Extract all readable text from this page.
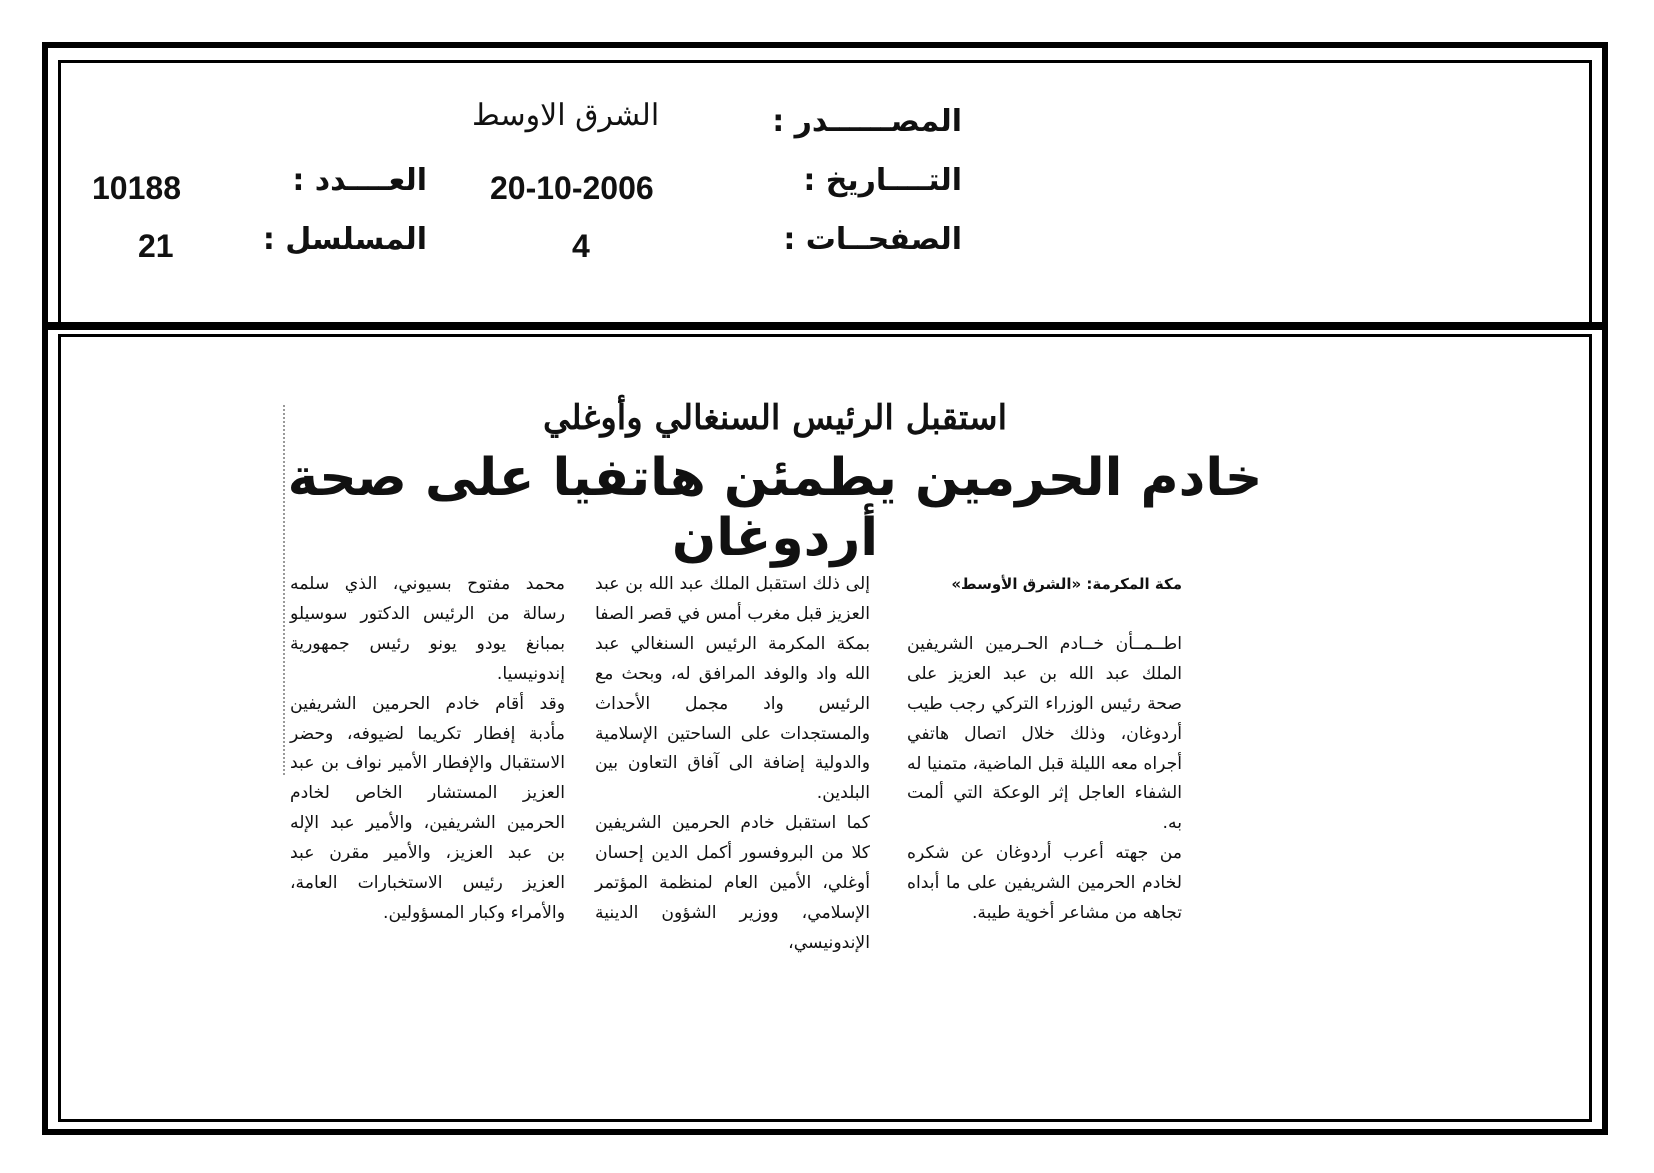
المصــــــدر :
الشرق الاوسط
التــــاريخ :
20-10-2006
العــــدد :
10188
الصفحــات :
4
المسلسل :
21
استقبل الرئيس السنغالي وأوغلي
خادم الحرمين يطمئن هاتفيا على صحة أردوغان

مكة المكرمة: «الشرق الأوسط»

اطــمــأن خــادم الحـرمين الشريفين الملك عبد الله بن عبد العزيز على صحة رئيس الوزراء التركي رجب طيب أردوغان، وذلك خلال اتصال هاتفي أجراه معه الليلة قبل الماضية، متمنيا له الشفاء العاجل إثر الوعكة التي ألمت به.

من جهته أعرب أردوغان عن شكره لخادم الحرمين الشريفين على ما أبداه تجاهه من مشاعر أخوية طيبة.

إلى ذلك استقبل الملك عبد الله بن عبد العزيز قبل مغرب أمس في قصر الصفا بمكة المكرمة الرئيس السنغالي عبد الله واد والوفد المرافق له، وبحث مع الرئيس واد مجمل الأحداث والمستجدات على الساحتين الإسلامية والدولية إضافة الى آفاق التعاون بين البلدين.

كما استقبل خادم الحرمين الشريفين كلا من البروفسور أكمل الدين إحسان أوغلي، الأمين العام لمنظمة المؤتمر الإسلامي، ووزير الشؤون الدينية الإندونيسي،

محمد مفتوح بسيوني، الذي سلمه رسالة من الرئيس الدكتور سوسيلو بمبانغ يودو يونو رئيس جمهورية إندونيسيا.

وقد أقام خادم الحرمين الشريفين مأدبة إفطار تكريما لضيوفه، وحضر الاستقبال والإفطار الأمير نواف بن عبد العزيز المستشار الخاص لخادم الحرمين الشريفين، والأمير عبد الإله بن عبد العزيز، والأمير مقرن عبد العزيز رئيس الاستخبارات العامة، والأمراء وكبار المسؤولين.
